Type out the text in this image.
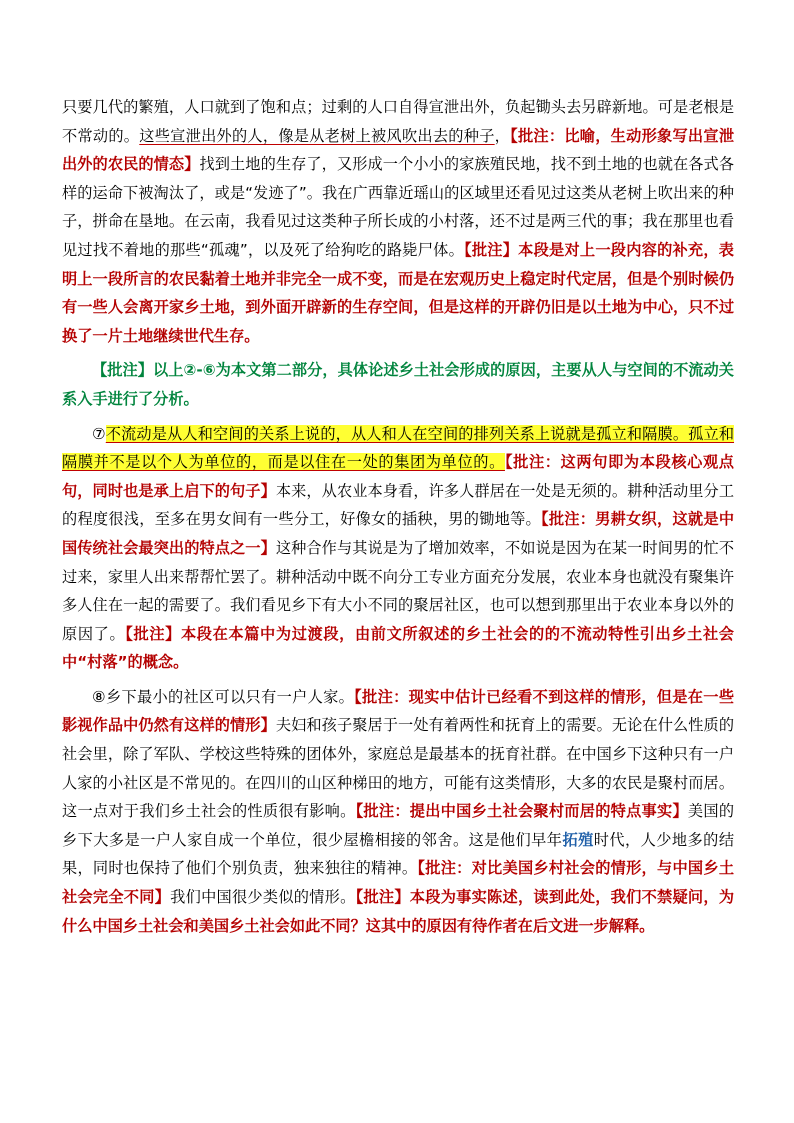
只要几代的繁殖，人口就到了饱和点；过剩的人口自得宣泄出外，负起锄头去另辟新地。可是老根是不常动的。这些宣泄出外的人，像是从老树上被风吹出去的种子，【批注：比喻，生动形象写出宣泄出外的农民的情态】找到土地的生存了，又形成一个小小的家族殖民地，找不到土地的也就在各式各样的运命下被淘汰了，或是“发迹了”。我在广西靠近瑶山的区域里还看见过这类从老树上吹出来的种子，拼命在垦地。在云南，我看见过这类种子所长成的小村落，还不过是两三代的事；我在那里也看见过找不着地的那些“孤魂”，以及死了给狗吃的路毙尸体。【批注】本段是对上一段内容的补充，表明上一段所言的农民黏着土地并非完全一成不变，而是在宏观历史上稳定时代定居，但是个别时候仍有一些人会离开家乡土地，到外面开辟新的生存空间，但是这样的开辟仍旧是以土地为中心，只不过换了一片土地继续世代生存。

【批注】以上②-⑥为本文第二部分，具体论述乡土社会形成的原因，主要从人与空间的不流动关系入手进行了分析。

⑦不流动是从人和空间的关系上说的，从人和人在空间的排列关系上说就是孤立和隔膜。孤立和隔膜并不是以个人为单位的，而是以住在一处的集团为单位的。【批注：这两句即为本段核心观点句，同时也是承上启下的句子】本来，从农业本身看，许多人群居在一处是无须的。耕种活动里分工的程度很浅，至多在男女间有一些分工，好像女的插秧，男的锄地等。【批注：男耕女织，这就是中国传统社会最突出的特点之一】这种合作与其说是为了增加效率，不如说是因为在某一时间男的忙不过来，家里人出来帮帮忙罢了。耕种活动中既不向分工专业方面充分发展，农业本身也就没有聚集许多人住在一起的需要了。我们看见乡下有大小不同的聚居社区，也可以想到那里出于农业本身以外的原因了。【批注】本段在本篇中为过渡段，由前文所叙述的乡土社会的的不流动特性引出乡土社会中“村落”的概念。

⑧乡下最小的社区可以只有一户人家。【批注：现实中估计已经看不到这样的情形，但是在一些影视作品中仍然有这样的情形】夫妇和孩子聚居于一处有着两性和抚育上的需要。无论在什么性质的社会里，除了军队、学校这些特殊的团体外，家庭总是最基本的抚育社群。在中国乡下这种只有一户人家的小社区是不常见的。在四川的山区种梯田的地方，可能有这类情形，大多的农民是聚村而居。这一点对于我们乡土社会的性质很有影响。【批注：提出中国乡土社会聚村而居的特点事实】美国的乡下大多是一户人家自成一个单位，很少屋檐相接的邻舍。这是他们早年拓殖时代，人少地多的结果，同时也保持了他们个别负责，独来独往的精神。【批注：对比美国乡村社会的情形，与中国乡土社会完全不同】我们中国很少类似的情形。【批注】本段为事实陈述，读到此处，我们不禁疑问，为什么中国乡土社会和美国乡土社会如此不同？这其中的原因有待作者在后文进一步解释。
